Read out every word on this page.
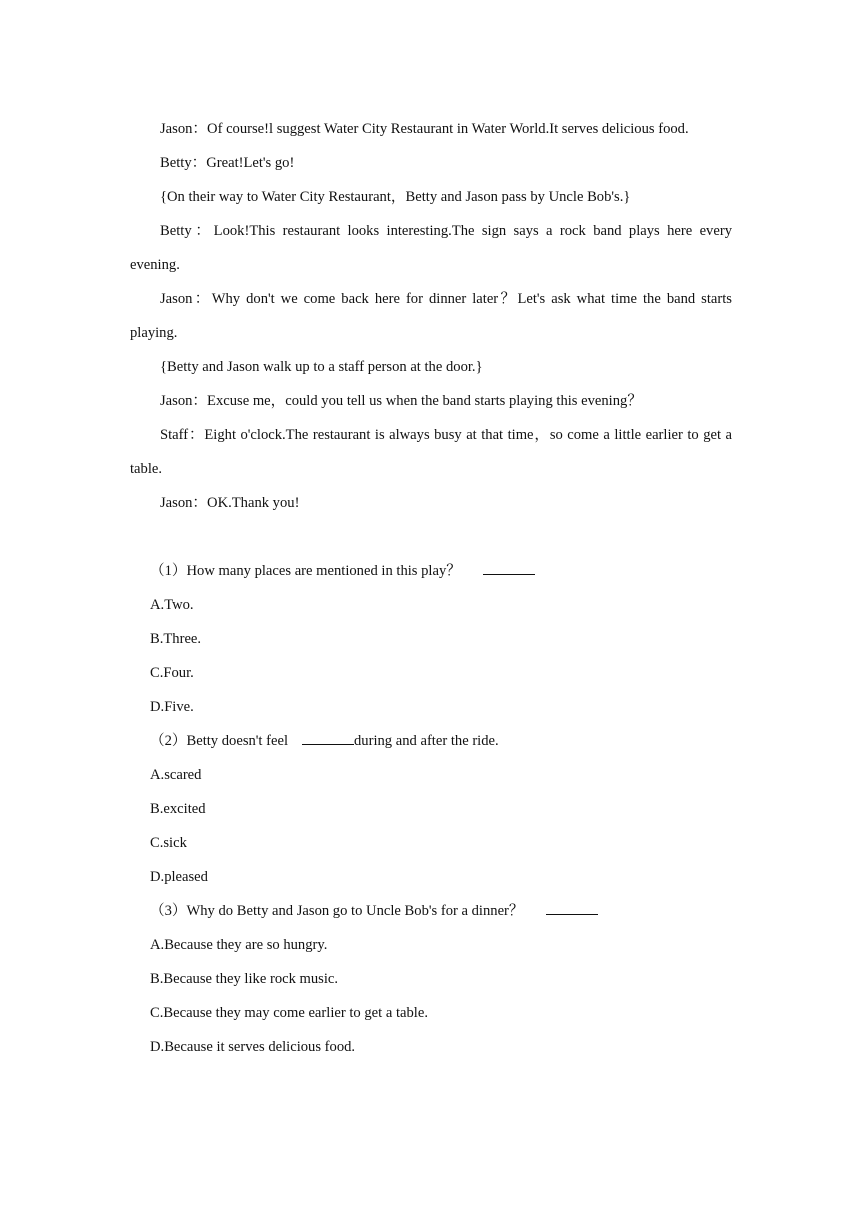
Jason：Of course!l suggest Water City Restaurant in Water World.It serves delicious food.
Betty：Great!Let's go!
{On their way to Water City Restaurant，Betty and Jason pass by Uncle Bob's.}
Betty：Look!This restaurant looks interesting.The sign says a rock band plays here every
evening.
Jason：Why don't we come back here for dinner later？Let's ask what time the band starts
playing.
{Betty and Jason walk up to a staff person at the door.}
Jason：Excuse me，could you tell us when the band starts playing this evening？
Staff：Eight o'clock.The restaurant is always busy at that time，so come a little earlier to get a
table.
Jason：OK.Thank you!
（1）How many places are mentioned in this play？
A.Two.
B.Three.
C.Four.
D.Five.
（2）Betty doesn't feel	during and after the ride.
A.scared
B.excited
C.sick
D.pleased
（3）Why do Betty and Jason go to Uncle Bob's for a dinner？
A.Because they are so hungry.
B.Because they like rock music.
C.Because they may come earlier to get a table.
D.Because it serves delicious food.
